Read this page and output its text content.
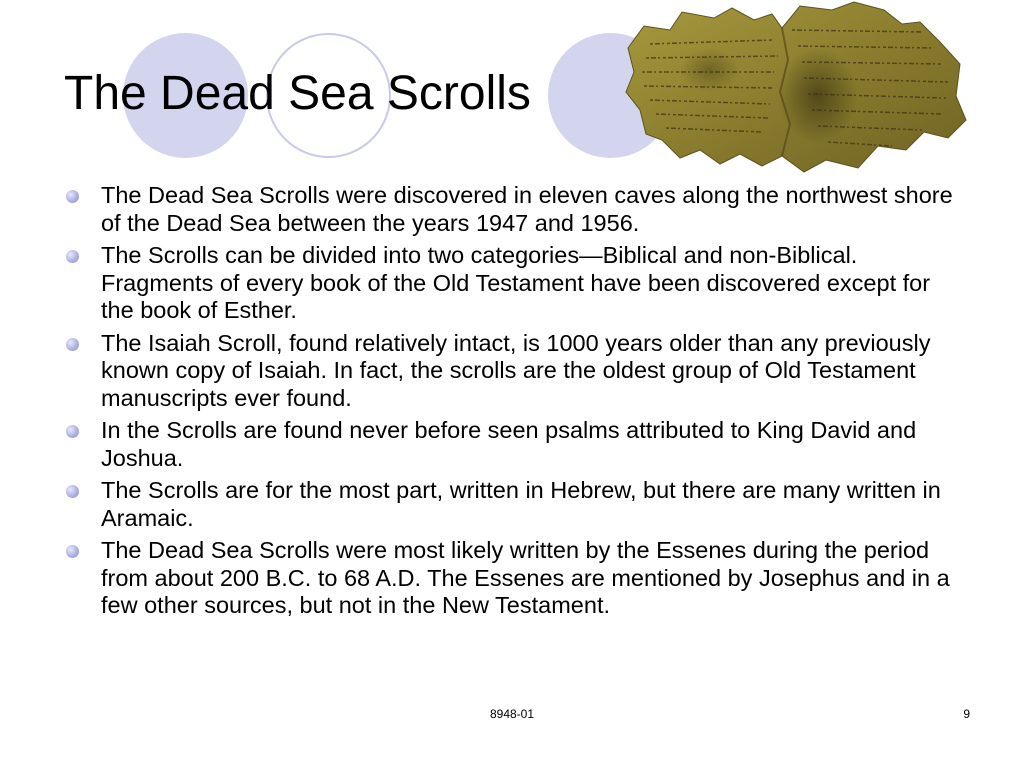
The Dead Sea Scrolls
The Dead Sea Scrolls were discovered in eleven caves along the northwest shore of the Dead Sea between the years 1947 and 1956.
The Scrolls can be divided into two categories—Biblical and non-Biblical. Fragments of every book of the Old Testament have been discovered except for the book of Esther.
The Isaiah Scroll, found relatively intact, is 1000 years older than any previously known copy of Isaiah. In fact, the scrolls are the oldest group of Old Testament manuscripts ever found.
In the Scrolls are found never before seen psalms attributed to King David and Joshua.
The Scrolls are for the most part, written in Hebrew, but there are many written in Aramaic.
The Dead Sea Scrolls were most likely written by the Essenes during the period from about 200 B.C. to 68 A.D. The Essenes are mentioned by Josephus and in a few other sources, but not in the New Testament.
8948-01	9
